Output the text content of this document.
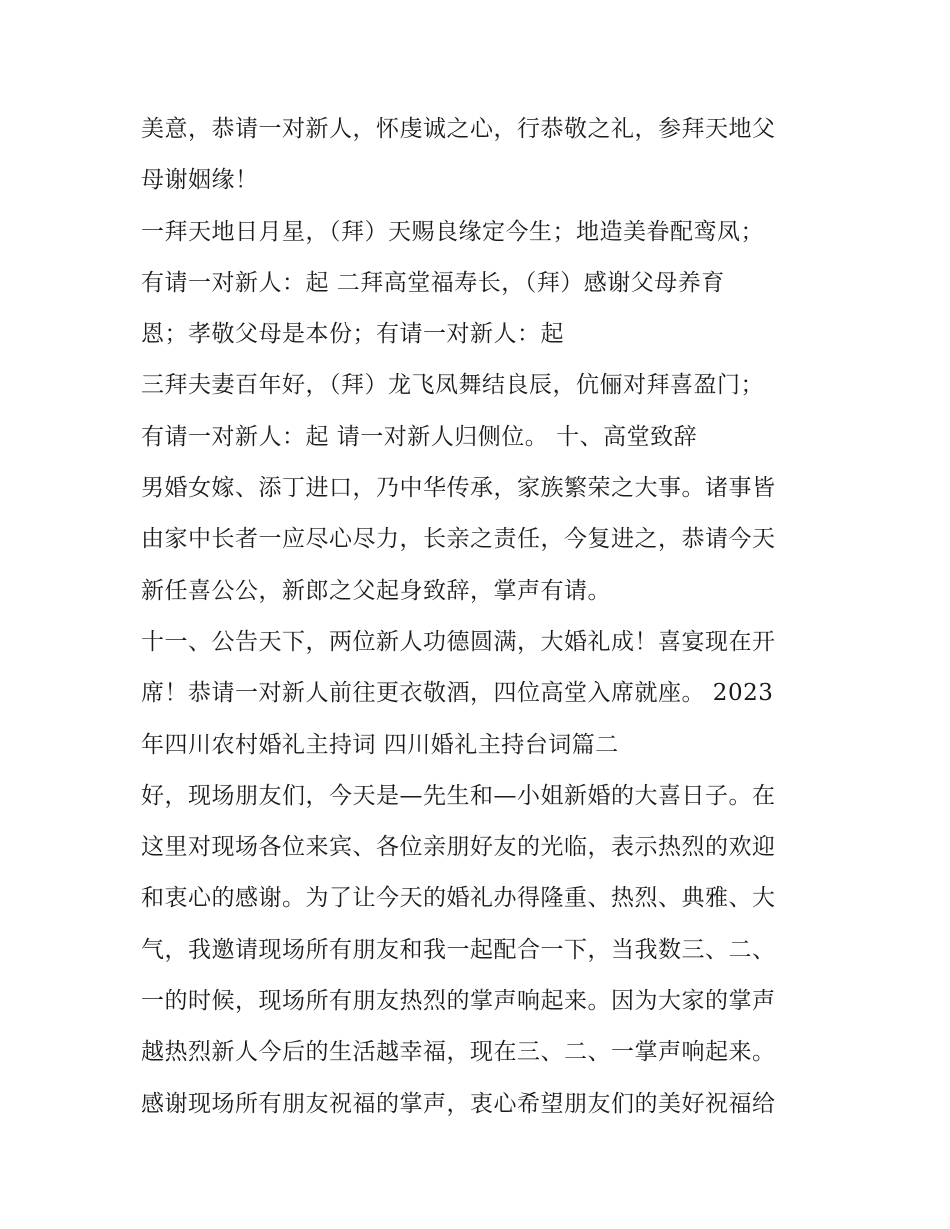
美意，恭请一对新人，怀虔诚之心，行恭敬之礼，参拜天地父
母谢姻缘！
一拜天地日月星，（拜）天赐良缘定今生；地造美眷配鸾凤；
有请一对新人：起 二拜高堂福寿长，（拜）感谢父母养育
恩；孝敬父母是本份；有请一对新人：起
三拜夫妻百年好，（拜）龙飞凤舞结良辰，伉俪对拜喜盈门；
有请一对新人：起 请一对新人归侧位。 十、高堂致辞
男婚女嫁、添丁进口，乃中华传承，家族繁荣之大事。诸事皆
由家中长者一应尽心尽力，长亲之责任，今复进之，恭请今天
新任喜公公，新郎之父起身致辞，掌声有请。
十一、公告天下，两位新人功德圆满，大婚礼成！喜宴现在开
席！恭请一对新人前往更衣敬酒，四位高堂入席就座。 2023
年四川农村婚礼主持词 四川婚礼主持台词篇二
好，现场朋友们，今天是—先生和—小姐新婚的大喜日子。在
这里对现场各位来宾、各位亲朋好友的光临，表示热烈的欢迎
和衷心的感谢。为了让今天的婚礼办得隆重、热烈、典雅、大
气，我邀请现场所有朋友和我一起配合一下，当我数三、二、
一的时候，现场所有朋友热烈的掌声响起来。因为大家的掌声
越热烈新人今后的生活越幸福，现在三、二、一掌声响起来。
感谢现场所有朋友祝福的掌声，衷心希望朋友们的美好祝福给
